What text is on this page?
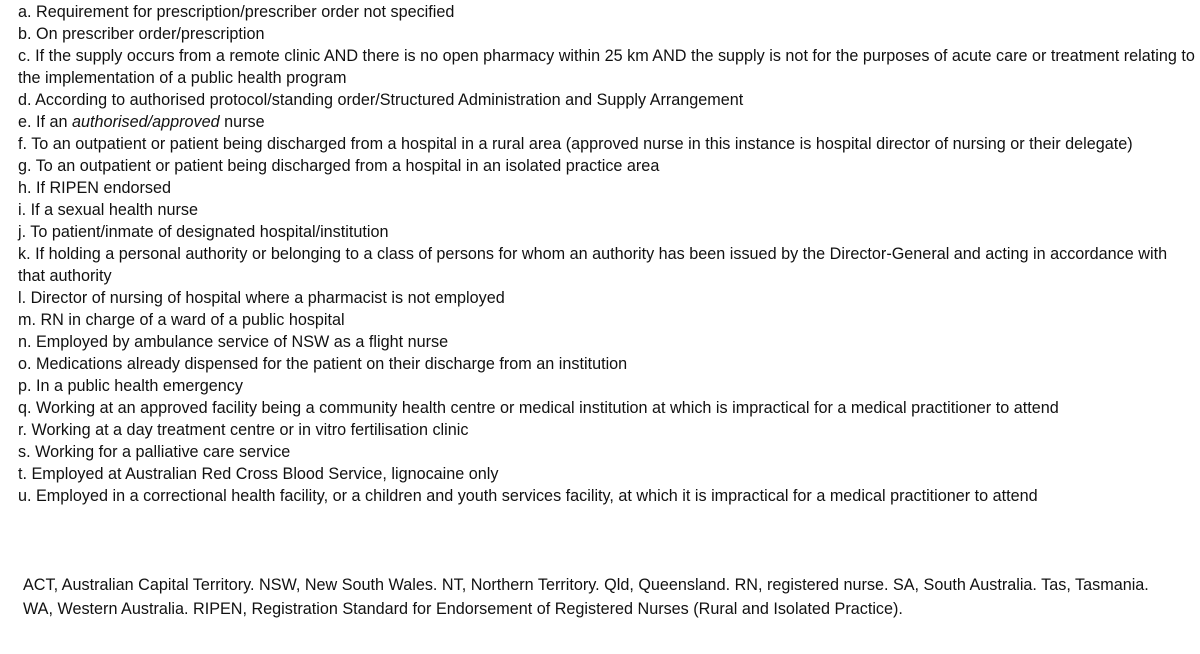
a. Requirement for prescription/prescriber order not specified

b. On prescriber order/prescription

c. If the supply occurs from a remote clinic AND there is no open pharmacy within 25 km AND the supply is not for the purposes of acute care or treatment relating to the implementation of a public health program

d. According to authorised protocol/standing order/Structured Administration and Supply Arrangement

e. If an authorised/approved nurse

f. To an outpatient or patient being discharged from a hospital in a rural area (approved nurse in this instance is hospital director of nursing or their delegate)

g. To an outpatient or patient being discharged from a hospital in an isolated practice area

h. If RIPEN endorsed

i. If a sexual health nurse

j. To patient/inmate of designated hospital/institution

k. If holding a personal authority or belonging to a class of persons for whom an authority has been issued by the Director-General and acting in accordance with that authority

l. Director of nursing of hospital where a pharmacist is not employed

m. RN in charge of a ward of a public hospital

n. Employed by ambulance service of NSW as a flight nurse

o. Medications already dispensed for the patient on their discharge from an institution

p. In a public health emergency

q. Working at an approved facility being a community health centre or medical institution at which is impractical for a medical practitioner to attend

r. Working at a day treatment centre or in vitro fertilisation clinic

s. Working for a palliative care service

t. Employed at Australian Red Cross Blood Service, lignocaine only

u. Employed in a correctional health facility, or a children and youth services facility, at which it is impractical for a medical practitioner to attend

ACT, Australian Capital Territory. NSW, New South Wales. NT, Northern Territory. Qld, Queensland. RN, registered nurse. SA, South Australia. Tas, Tasmania. WA, Western Australia. RIPEN, Registration Standard for Endorsement of Registered Nurses (Rural and Isolated Practice).
